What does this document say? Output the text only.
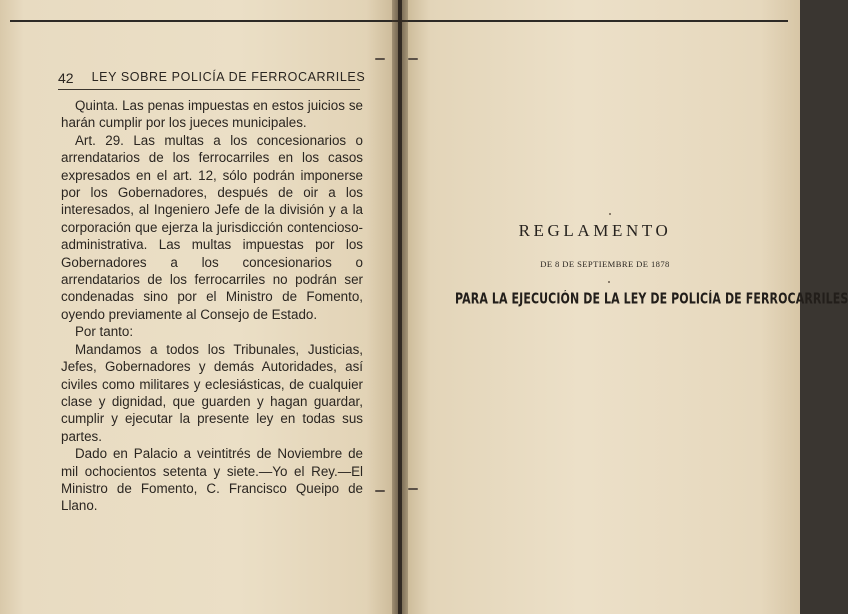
42 LEY SOBRE POLICÍA DE FERROCARRILES

Quinta. Las penas impuestas en estos juicios se harán cumplir por los jueces municipales.

Art. 29. Las multas a los concesionarios o arrendatarios de los ferrocarriles en los casos expresados en el art. 12, sólo podrán imponerse por los Gobernadores, después de oir a los interesados, al Ingeniero Jefe de la división y a la corporación que ejerza la jurisdicción contencioso-administrativa. Las multas impuestas por los Gobernadores a los concesionarios o arrendatarios de los ferrocarriles no podrán ser condenadas sino por el Ministro de Fomento, oyendo previamente al Consejo de Estado.

Por tanto:

Mandamos a todos los Tribunales, Justicias, Jefes, Gobernadores y demás Autoridades, así civiles como militares y eclesiásticas, de cualquier clase y dignidad, que guarden y hagan guardar, cumplir y ejecutar la presente ley en todas sus partes.

Dado en Palacio a veintitrés de Noviembre de mil ochocientos setenta y siete.—Yo el Rey.—El Ministro de Fomento, C. Francisco Queipo de Llano.

REGLAMENTO
DE 8 DE SEPTIEMBRE DE 1878
PARA LA EJECUCIÓN DE LA LEY DE POLICÍA DE FERROCARRILES
